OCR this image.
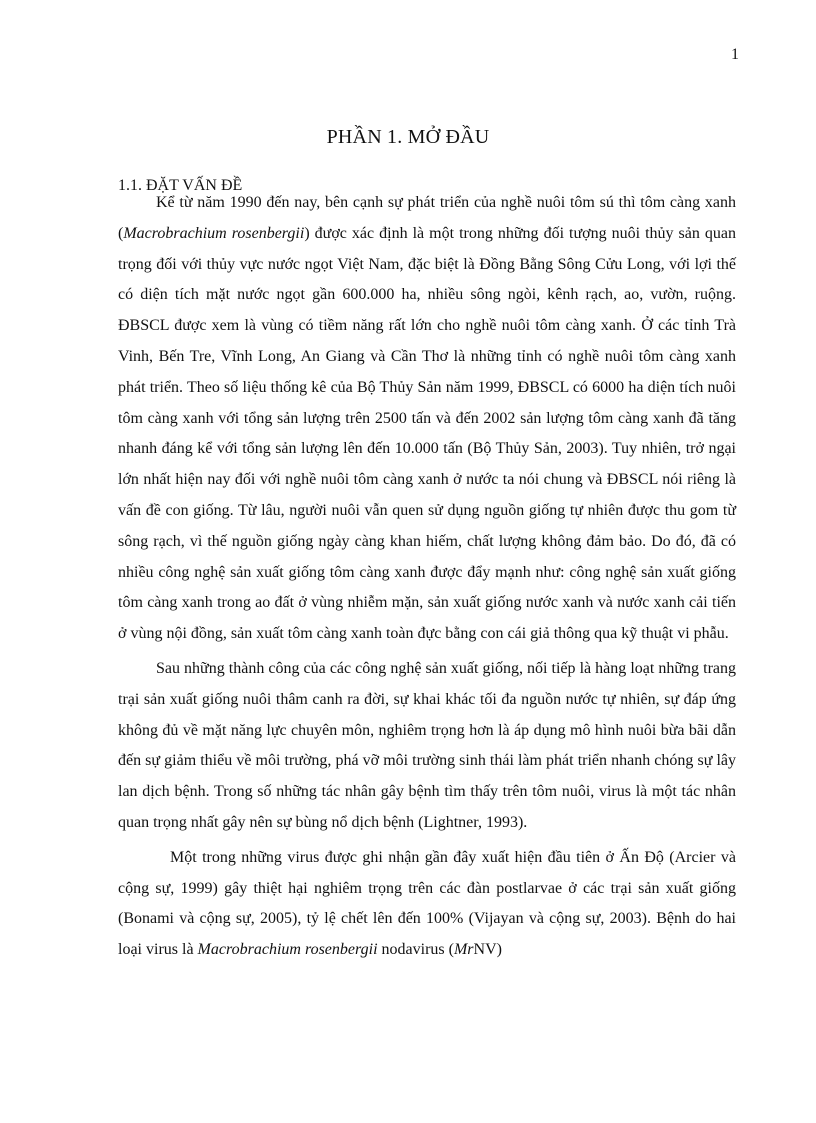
1
PHẦN 1. MỞ ĐẦU
1.1. ĐẶT VẤN ĐỀ

Kể từ năm 1990 đến nay, bên cạnh sự phát triển của nghề nuôi tôm sú thì tôm càng xanh (Macrobrachium rosenbergii) được xác định là một trong những đối tượng nuôi thủy sản quan trọng đối với thủy vực nước ngọt Việt Nam, đặc biệt là Đồng Bằng Sông Cửu Long, với lợi thế có diện tích mặt nước ngọt gần 600.000 ha, nhiều sông ngòi, kênh rạch, ao, vườn, ruộng. ĐBSCL được xem là vùng có tiềm năng rất lớn cho nghề nuôi tôm càng xanh. Ở các tỉnh Trà Vinh, Bến Tre, Vĩnh Long, An Giang và Cần Thơ là những tỉnh có nghề nuôi tôm càng xanh phát triển. Theo số liệu thống kê của Bộ Thủy Sản năm 1999, ĐBSCL có 6000 ha diện tích nuôi tôm càng xanh với tổng sản lượng trên 2500 tấn và đến 2002 sản lượng tôm càng xanh đã tăng nhanh đáng kể với tổng sản lượng lên đến 10.000 tấn (Bộ Thủy Sản, 2003). Tuy nhiên, trở ngại lớn nhất hiện nay đối với nghề nuôi tôm càng xanh ở nước ta nói chung và ĐBSCL nói riêng là vấn đề con giống. Từ lâu, người nuôi vẫn quen sử dụng nguồn giống tự nhiên được thu gom từ sông rạch, vì thế nguồn giống ngày càng khan hiếm, chất lượng không đảm bảo. Do đó, đã có nhiều công nghệ sản xuất giống tôm càng xanh được đẩy mạnh như: công nghệ sản xuất giống tôm càng xanh trong ao đất ở vùng nhiễm mặn, sản xuất giống nước xanh và nước xanh cải tiến ở vùng nội đồng, sản xuất tôm càng xanh toàn đực bằng con cái giả thông qua kỹ thuật vi phẫu.

Sau những thành công của các công nghệ sản xuất giống, nối tiếp là hàng loạt những trang trại sản xuất giống nuôi thâm canh ra đời, sự khai khác tối đa nguồn nước tự nhiên, sự đáp ứng không đủ về mặt năng lực chuyên môn, nghiêm trọng hơn là áp dụng mô hình nuôi bừa bãi dẫn đến sự giảm thiểu về môi trường, phá vỡ môi trường sinh thái làm phát triển nhanh chóng sự lây lan dịch bệnh. Trong số những tác nhân gây bệnh tìm thấy trên tôm nuôi, virus là một tác nhân quan trọng nhất gây nên sự bùng nổ dịch bệnh (Lightner, 1993).

Một trong những virus được ghi nhận gần đây xuất hiện đầu tiên ở Ấn Độ (Arcier và cộng sự, 1999) gây thiệt hại nghiêm trọng trên các đàn postlarvae ở các trại sản xuất giống (Bonami và cộng sự, 2005), tỷ lệ chết lên đến 100% (Vijayan và cộng sự, 2003). Bệnh do hai loại virus là Macrobrachium rosenbergii nodavirus (MrNV)
